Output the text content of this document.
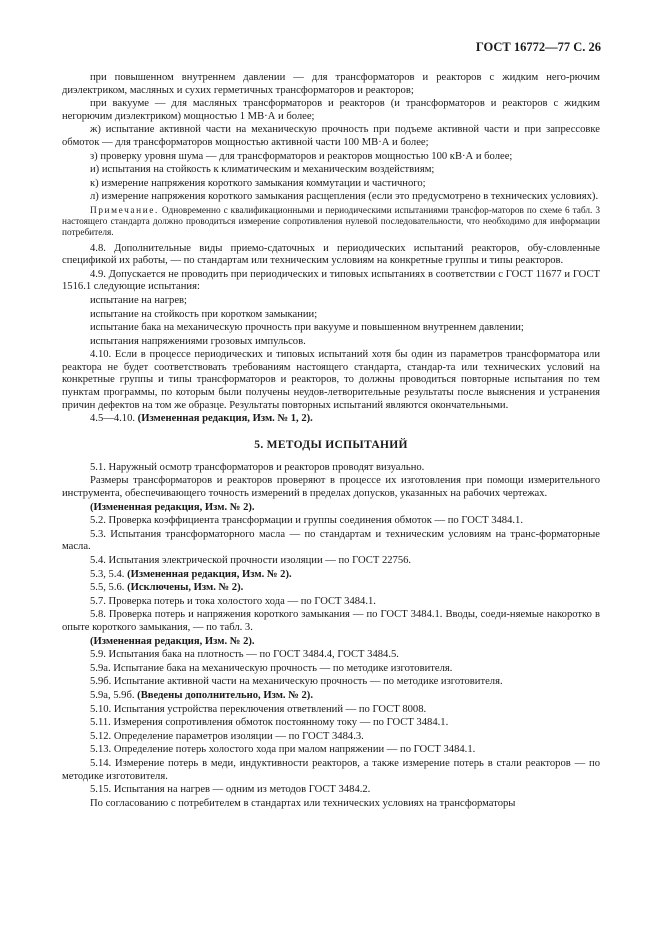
ГОСТ 16772—77 С. 26

при повышенном внутреннем давлении — для трансформаторов и реакторов с жидким него-рючим диэлектриком, масляных и сухих герметичных трансформаторов и реакторов;

при вакууме — для масляных трансформаторов и реакторов (и трансформаторов и реакторов с жидким негорючим диэлектриком) мощностью 1 МВ·А и более;

ж) испытание активной части на механическую прочность при подъеме активной части и при запрессовке обмоток — для трансформаторов мощностью активной части 100 МВ·А и более;

з) проверку уровня шума — для трансформаторов и реакторов мощностью 100 кВ·А и более;

и) испытания на стойкость к климатическим и механическим воздействиям;

к) измерение напряжения короткого замыкания коммутации и частичного;

л) измерение напряжения короткого замыкания расщепления (если это предусмотрено в технических условиях).

Примечание. Одновременно с квалификационными и периодическими испытаниями трансфор-маторов по схеме 6 табл. 3 настоящего стандарта должно проводиться измерение сопротивления нулевой последовательности, что необходимо для информации потребителя.

4.8. Дополнительные виды приемо-сдаточных и периодических испытаний реакторов, обу-словленные спецификой их работы, — по стандартам или техническим условиям на конкретные группы и типы реакторов.

4.9. Допускается не проводить при периодических и типовых испытаниях в соответствии с ГОСТ 11677 и ГОСТ 1516.1 следующие испытания:

испытание на нагрев;

испытание на стойкость при коротком замыкании;

испытание бака на механическую прочность при вакууме и повышенном внутреннем давлении;

испытания напряжениями грозовых импульсов.

4.10. Если в процессе периодических и типовых испытаний хотя бы один из параметров трансформатора или реактора не будет соответствовать требованиям настоящего стандарта, стандар-та или технических условий на конкретные группы и типы трансформаторов и реакторов, то должны проводиться повторные испытания по тем пунктам программы, по которым были получены неудов-летворительные результаты после выяснения и устранения причин дефектов на том же образце. Результаты повторных испытаний являются окончательными.

4.5—4.10. (Измененная редакция, Изм. № 1, 2).

5. МЕТОДЫ ИСПЫТАНИЙ

5.1. Наружный осмотр трансформаторов и реакторов проводят визуально.

Размеры трансформаторов и реакторов проверяют в процессе их изготовления при помощи измерительного инструмента, обеспечивающего точность измерений в пределах допусков, указанных на рабочих чертежах.

(Измененная редакция, Изм. № 2).

5.2. Проверка коэффициента трансформации и группы соединения обмоток — по ГОСТ 3484.1.

5.3. Испытания трансформаторного масла — по стандартам и техническим условиям на транс-форматорные масла.

5.4. Испытания электрической прочности изоляции — по ГОСТ 22756.

5.3, 5.4. (Измененная редакция, Изм. № 2).

5.5, 5.6. (Исключены, Изм. № 2).

5.7. Проверка потерь и тока холостого хода — по ГОСТ 3484.1.

5.8. Проверка потерь и напряжения короткого замыкания — по ГОСТ 3484.1. Вводы, соеди-няемые накоротко в опыте короткого замыкания, — по табл. 3.

(Измененная редакция, Изм. № 2).

5.9. Испытания бака на плотность — по ГОСТ 3484.4, ГОСТ 3484.5.

5.9а. Испытание бака на механическую прочность — по методике изготовителя.

5.9б. Испытание активной части на механическую прочность — по методике изготовителя.

5.9а, 5.9б. (Введены дополнительно, Изм. № 2).

5.10. Испытания устройства переключения ответвлений — по ГОСТ 8008.

5.11. Измерения сопротивления обмоток постоянному току — по ГОСТ 3484.1.

5.12. Определение параметров изоляции — по ГОСТ 3484.3.

5.13. Определение потерь холостого хода при малом напряжении — по ГОСТ 3484.1.

5.14. Измерение потерь в меди, индуктивности реакторов, а также измерение потерь в стали реакторов — по методике изготовителя.

5.15. Испытания на нагрев — одним из методов ГОСТ 3484.2.

По согласованию с потребителем в стандартах или технических условиях на трансформаторы
